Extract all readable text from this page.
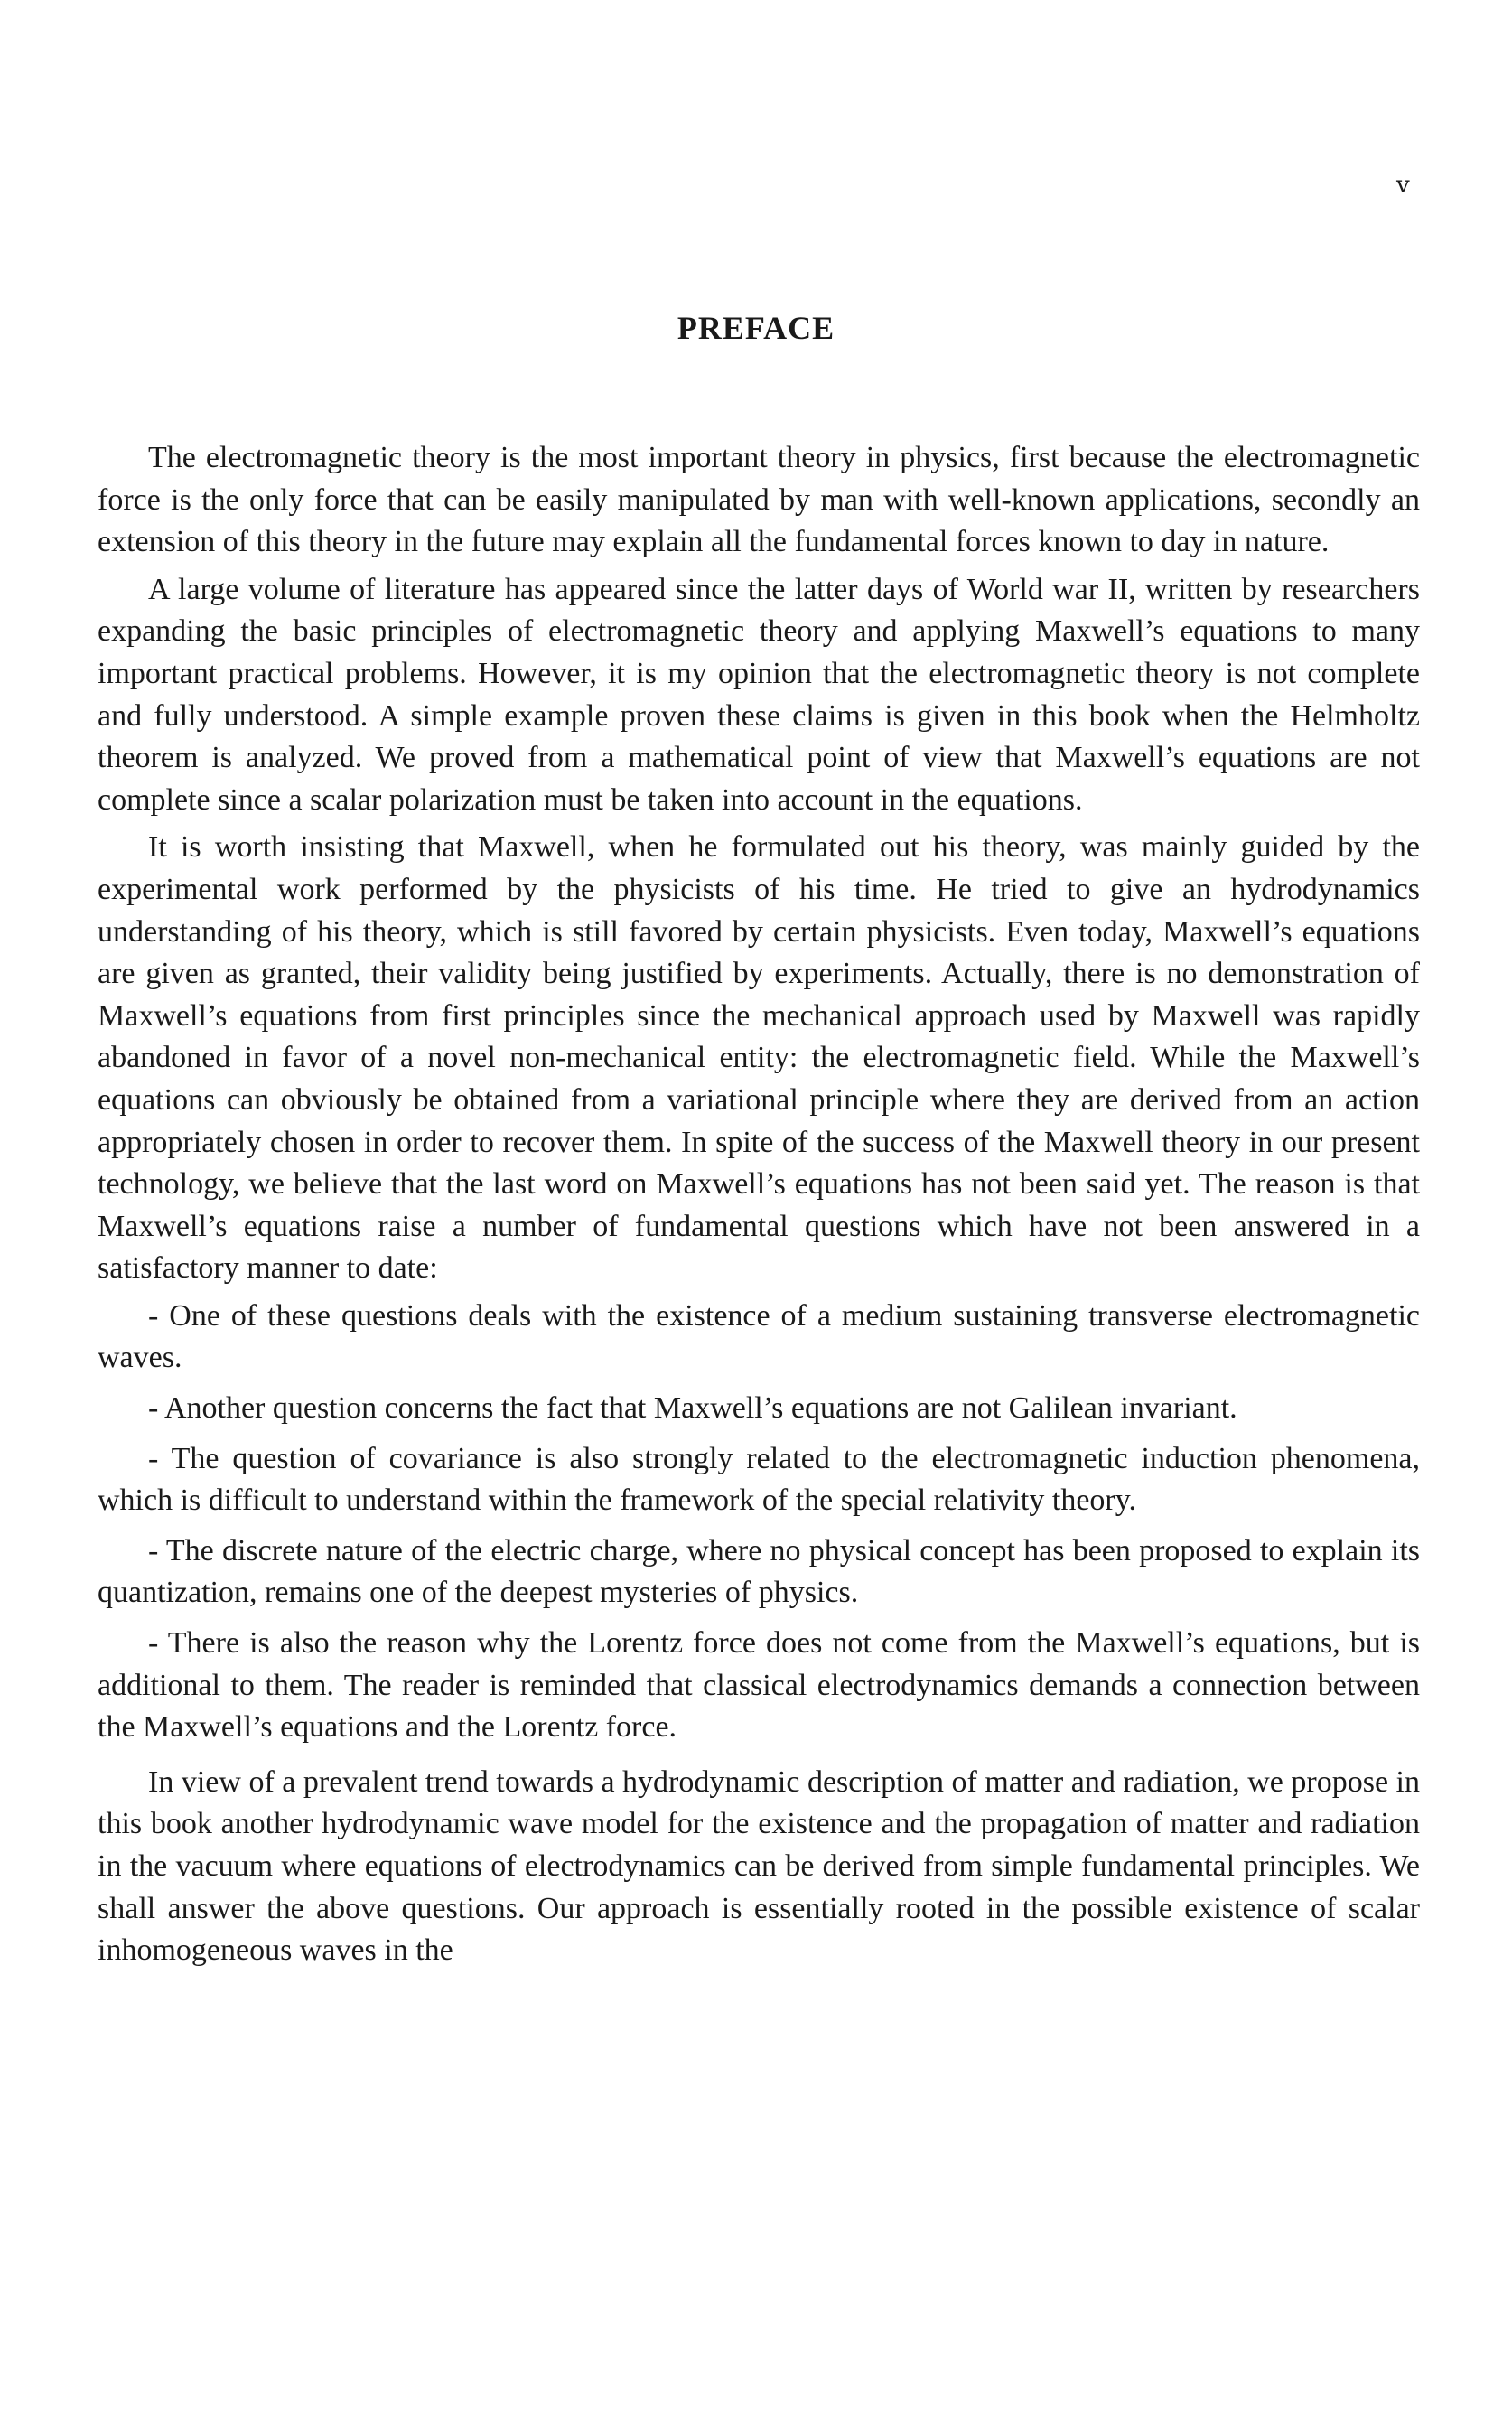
v
PREFACE

The electromagnetic theory is the most important theory in physics, first because the electromagnetic force is the only force that can be easily manipulated by man with well-known applications, secondly an extension of this theory in the future may explain all the fundamental forces known to day in nature.

A large volume of literature has appeared since the latter days of World war II, written by researchers expanding the basic principles of electromagnetic theory and applying Maxwell’s equations to many important practical problems. However, it is my opinion that the electromagnetic theory is not complete and fully understood. A simple example proven these claims is given in this book when the Helmholtz theorem is analyzed. We proved from a mathematical point of view that Maxwell’s equations are not complete since a scalar polarization must be taken into account in the equations.

It is worth insisting that Maxwell, when he formulated out his theory, was mainly guided by the experimental work performed by the physicists of his time. He tried to give an hydrodynamics understanding of his theory, which is still favored by certain physicists. Even today, Maxwell’s equations are given as granted, their validity being justified by experiments. Actually, there is no demonstration of Maxwell’s equations from first principles since the mechanical approach used by Maxwell was rapidly abandoned in favor of a novel non-mechanical entity: the electromagnetic field. While the Maxwell’s equations can obviously be obtained from a variational principle where they are derived from an action appropriately chosen in order to recover them. In spite of the success of the Maxwell theory in our present technology, we believe that the last word on Maxwell’s equations has not been said yet. The reason is that Maxwell’s equations raise a number of fundamental questions which have not been answered in a satisfactory manner to date:

- One of these questions deals with the existence of a medium sustaining transverse electromagnetic waves.

- Another question concerns the fact that Maxwell’s equations are not Galilean invariant.

- The question of covariance is also strongly related to the electromagnetic induction phenomena, which is difficult to understand within the framework of the special relativity theory.

- The discrete nature of the electric charge, where no physical concept has been proposed to explain its quantization, remains one of the deepest mysteries of physics.

- There is also the reason why the Lorentz force does not come from the Maxwell’s equations, but is additional to them. The reader is reminded that classical electrodynamics demands a connection between the Maxwell’s equations and the Lorentz force.

In view of a prevalent trend towards a hydrodynamic description of matter and radiation, we propose in this book another hydrodynamic wave model for the existence and the propagation of matter and radiation in the vacuum where equations of electrodynamics can be derived from simple fundamental principles. We shall answer the above questions. Our approach is essentially rooted in the possible existence of scalar inhomogeneous waves in the
